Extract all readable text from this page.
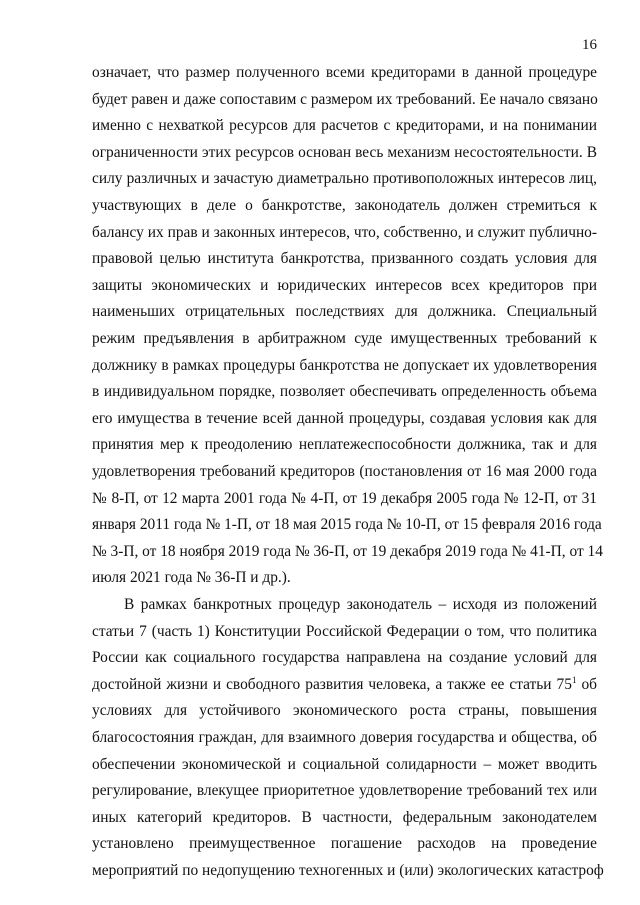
16
означает, что размер полученного всеми кредиторами в данной процедуре
будет равен и даже сопоставим с размером их требований. Ее начало связано
именно с нехваткой ресурсов для расчетов с кредиторами, и на понимании
ограниченности этих ресурсов основан весь механизм несостоятельности. В
силу различных и зачастую диаметрально противоположных интересов лиц,
участвующих в деле о банкротстве, законодатель должен стремиться к
балансу их прав и законных интересов, что, собственно, и служит публично-
правовой целью института банкротства, призванного создать условия для
защиты экономических и юридических интересов всех кредиторов при
наименьших отрицательных последствиях для должника. Специальный
режим предъявления в арбитражном суде имущественных требований к
должнику в рамках процедуры банкротства не допускает их удовлетворения
в индивидуальном порядке, позволяет обеспечивать определенность объема
его имущества в течение всей данной процедуры, создавая условия как для
принятия мер к преодолению неплатежеспособности должника, так и для
удовлетворения требований кредиторов (постановления от 16 мая 2000 года
№ 8-П, от 12 марта 2001 года № 4-П, от 19 декабря 2005 года № 12-П, от 31
января 2011 года № 1-П, от 18 мая 2015 года № 10-П, от 15 февраля 2016 года
№ 3-П, от 18 ноября 2019 года № 36-П, от 19 декабря 2019 года № 41-П, от 14
июля 2021 года № 36-П и др.).
В рамках банкротных процедур законодатель – исходя из положений
статьи 7 (часть 1) Конституции Российской Федерации о том, что политика
России как социального государства направлена на создание условий для
достойной жизни и свободного развития человека, а также ее статьи $75^1$ об
условиях для устойчивого экономического роста страны, повышения
благосостояния граждан, для взаимного доверия государства и общества, об
обеспечении экономической и социальной солидарности – может вводить
регулирование, влекущее приоритетное удовлетворение требований тех или
иных категорий кредиторов. В частности, федеральным законодателем
установлено преимущественное погашение расходов на проведение
мероприятий по недопущению техногенных и (или) экологических катастроф
